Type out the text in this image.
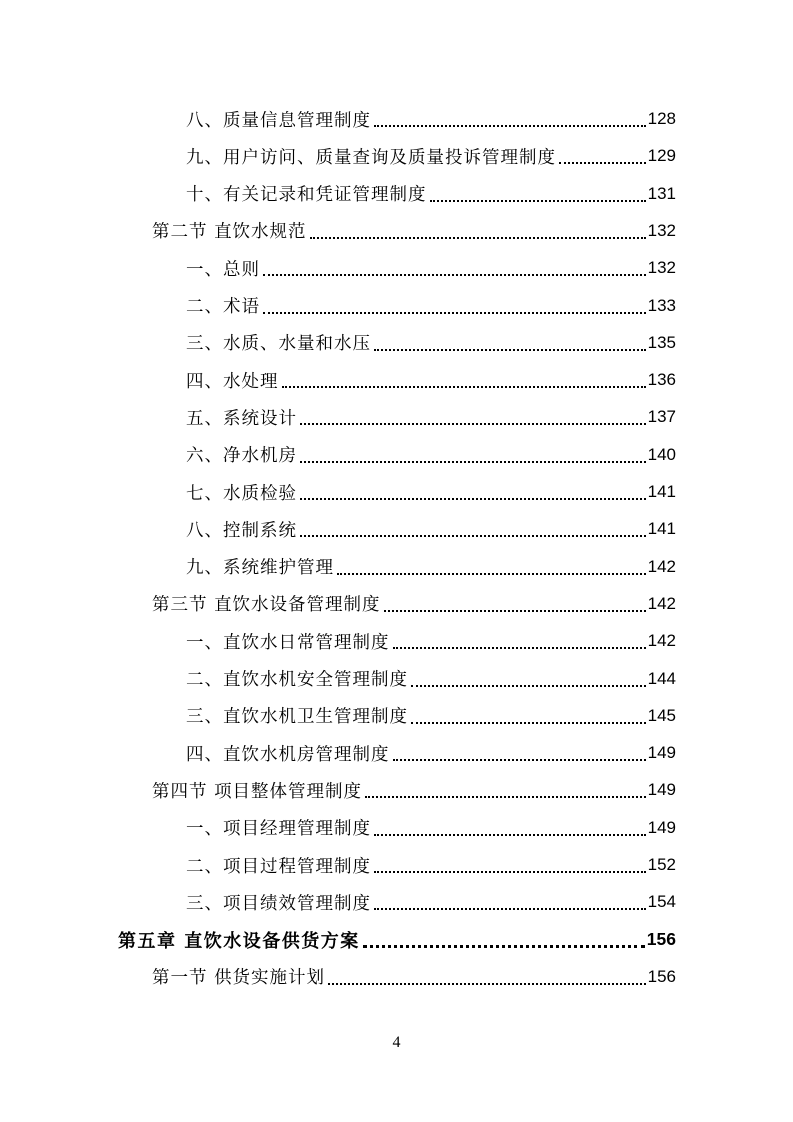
八、质量信息管理制度	128
九、用户访问、质量查询及质量投诉管理制度	129
十、有关记录和凭证管理制度	131
第二节 直饮水规范	132
一、总则	132
二、术语	133
三、水质、水量和水压	135
四、水处理	136
五、系统设计	137
六、净水机房	140
七、水质检验	141
八、控制系统	141
九、系统维护管理	142
第三节 直饮水设备管理制度	142
一、直饮水日常管理制度	142
二、直饮水机安全管理制度	144
三、直饮水机卫生管理制度	145
四、直饮水机房管理制度	149
第四节 项目整体管理制度	149
一、项目经理管理制度	149
二、项目过程管理制度	152
三、项目绩效管理制度	154
第五章 直饮水设备供货方案	156
第一节 供货实施计划	156
4
